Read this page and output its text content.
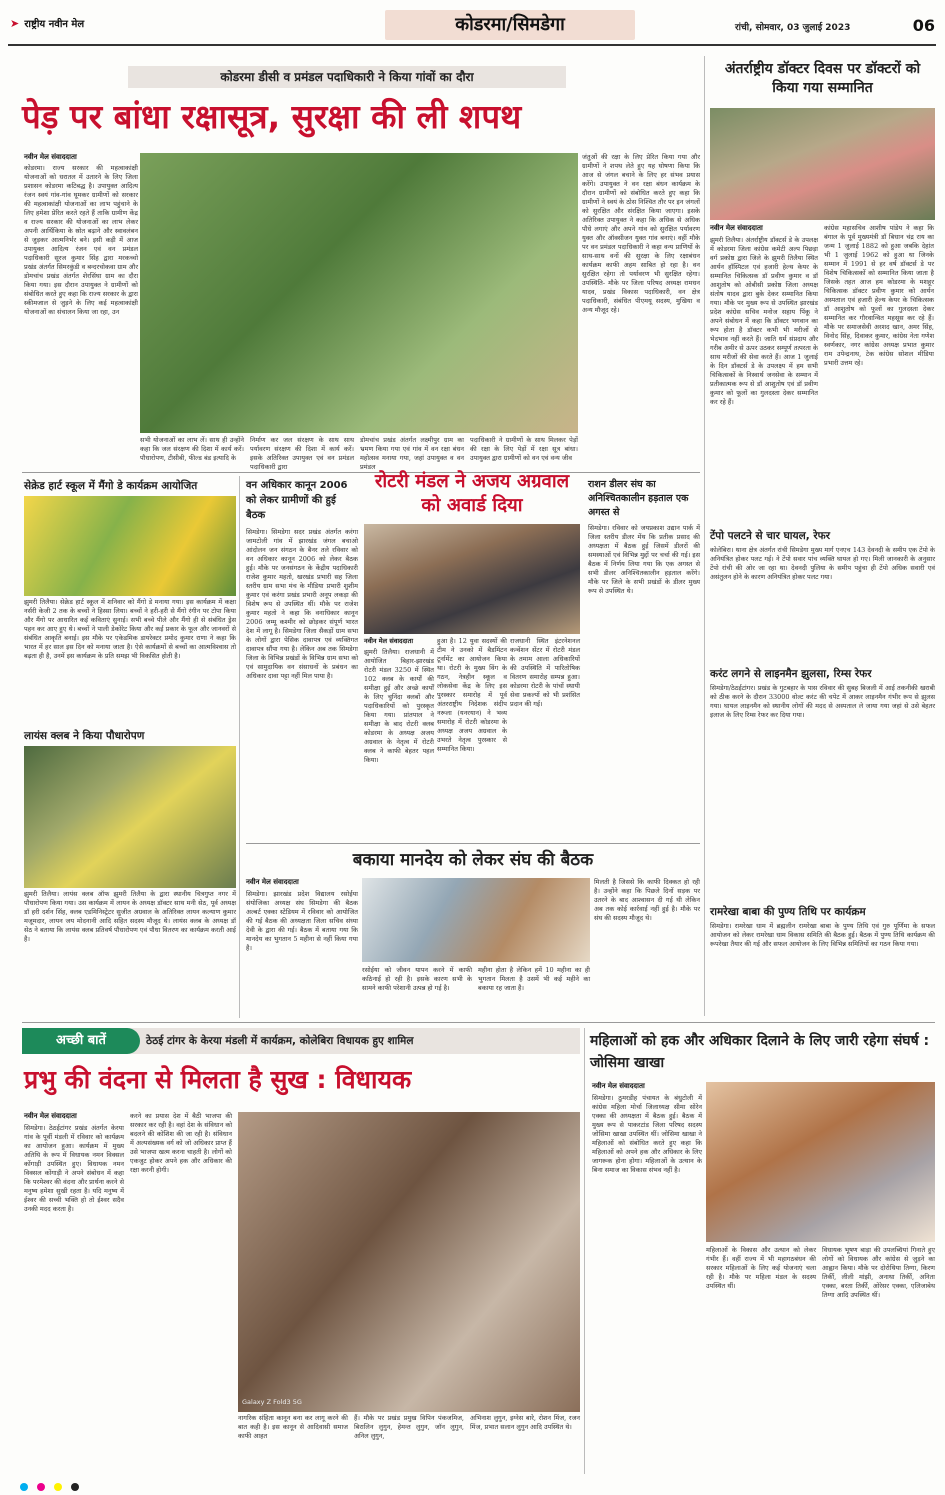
➤ राष्ट्रीय नवीन मेल	कोडरमा/सिमडेगा	रांची, सोमवार, 03 जुलाई 2023	06
कोडरमा डीसी व प्रमंडल पदाधिकारी ने किया गांवों का दौरा
पेड़ पर बांधा रक्षासूत्र, सुरक्षा की ली शपथ
नवीन मेल संवाददाता
कोडरमा। राज्य सरकार की महत्वाकांक्षी योजनाओं को धरातल में उतारने के लिए जिला प्रशासन कोडरमा कटिबद्ध है। उपायुक्त आदित्य रंजन स्वयं गांव-गांव घूमकर ग्रामीणों को सरकार की महत्वाकांक्षी योजनाओं का लाभ पहुंचाने के लिए हमेशा प्रेरित करते रहते हैं ताकि ग्रामीण केंद्र व राज्य सरकार की योजनाओं का लाभ लेकर अपनी आर्थिकिया के स्रोत बढ़ाने और स्वावलंबन से जुड़कर आत्मनिर्भर बने। इसी कड़ी में आज उपायुक्त आदित्य रंजन एवं वन प्रमंडल पदाधिकारी सूरज कुमार सिंह द्वारा मरकच्चो प्रखंड अंतर्गत सिमरकुंडी व बन्दरचोकवा ग्राम और डोमचांच प्रखंड अंतर्गत शेरसिंघा ग्राम का दौरा किया गया। इस दौरान उपायुक्त ने ग्रामीणों को संबोधित करते हुए कहा कि राज्य सरकार के द्वारा स्कीमजाल से जुड़ने के लिए कई महत्वाकांक्षी योजनाओं का संचालन किया जा रहा, उन
जंतुओं की रक्षा के लिए प्रेरित किया गया और ग्रामीणों ने शपथ लेते हुए यह घोषणा किया कि आज से जंगल बचाने के लिए हर संभव प्रयास करेंगे। उपायुक्त ने वन रक्षा बंधन कार्यक्रम के दौरान ग्रामीणों को संबोधित करते हुए कहा कि ग्रामीणों ने स्वयं के ठोस निश्चित तौर पर इन जंगलों को सुरक्षित और संरक्षित किया जाएगा। इसके अतिरिक्त उपायुक्त ने कहा कि अधिक से अधिक पौधे लगाएं और अपने गांव को सुरक्षित पर्यावरण युक्त और ऑक्सीजन युक्त गांव बनाएं। वहीं मौके पर वन प्रमंडल पदाधिकारी ने कहा वन्य प्राणियों के साथ-साथ वनों की सुरक्षा के लिए रक्षाबंधन कार्यक्रम काफी अहम साबित हो रहा है। वन सुरक्षित रहेगा तो पर्यावरण भी सुरक्षित रहेगा। उपस्थिति- मौके पर जिला परिषद अध्यक्ष रामधन यादव, प्रखंड विकास पदाधिकारी, वन क्षेत्र पदाधिकारी, संबंधित पीएमयू सदस्य, मुखिया व अन्य मौजूद रहे।
सभी योजनाओं का लाभ लें। साथ ही उन्होंने कहा कि जल संरक्षण की दिशा में कार्य करें। पौधारोपण, टीसीबी, फील्ड बंड इत्यादि के
निर्माण कर जल संरक्षण के साथ साथ पर्यावरण संरक्षण की दिशा में कार्य करें। इसके अतिरिक्त उपायुक्त एवं वन प्रमंडल पदाधिकारी द्वारा
डोमचांच प्रखंड अंतर्गत लक्ष्मीपुर ग्राम का भ्रमण किया गया एवं गांव में वन रक्षा बंधन महोत्सव मनाया गया, जहां उपायुक्त व वन प्रमंडल
पदाधिकारी ने ग्रामीणों के साथ मिलकर पेड़ों की रक्षा के लिए पेड़ों में रक्षा सूत्र बांधा। उपायुक्त द्वारा ग्रामीणों को वन एवं वन्य जीव
अंतर्राष्ट्रीय डॉक्टर दिवस पर डॉक्टरों को किया गया सम्मानित
नवीन मेल संवाददाता
झुमरी तिलैया। अंतर्राष्ट्रीय डॉक्टर्स डे के उपलक्ष में कोडरमा जिला कांग्रेस कमेटी अल्प पिछड़ा वर्ग प्रकोष्ठ द्वारा जिले के झुमरी तिलैया स्थित आर्यन हॉस्पिटल एवं हजारी हेल्थ केयर के सम्मानित चिकित्सक डॉ प्रवीण कुमार व डॉ आशुतोष को ओबीसी प्रकोष्ठ जिला अध्यक्ष संतोष यादव द्वारा बुके देकर सम्मानित किया गया। मौके पर मुख्य रूप से उपस्थित झारखंड प्रदेश कांग्रेस सचिव मनोज सहाय पिंकू ने अपने संबोधन में कहा कि डॉक्टर भगवान का रूप होता है डॉक्टर कभी भी मरीजों से भेदभाव नहीं करते हैं। जाति धर्म संप्रदाय और गरीब अमीर से ऊपर उठकर सम्पूर्ण तत्परता के साथ मरीजों की सेवा करते हैं। आज 1 जुलाई के दिन डॉक्टर्स डे के उपलक्ष्य में हम सभी चिकित्सकों के निस्वार्थ जनसेवा के सम्मान में प्रतीकात्मक रूप से डॉ आशुतोष एवं डॉ प्रवीण कुमार को फूलों का गुलदस्ता देकर सम्मानित कर रहे हैं।
कांग्रेस महासचिव आशीष पांडेय ने कहा कि बंगाल के पूर्व मुख्यमंत्री डॉ बिधान चंद्र राय का जन्म 1 जुलाई 1882 को हुआ जबकि देहांत भी 1 जुलाई 1962 को हुआ था जिनके सम्मान में 1991 से हर वर्ष डॉक्टर्स डे पर विशेष चिकित्सकों को सम्मानित किया जाता है जिसके तहत आज हम कोडरमा के मशहूर चिकित्सक डॉक्टर प्रवीण कुमार को आर्यन अस्पताल एवं हजारी हेल्थ केयर के चिकित्सक डॉ आशुतोष को फूलों का गुलदस्ता देकर सम्मानित कर गौरवान्वित महसूस कर रहे हैं। मौके पर समाजसेवी अरशद खान, अमर सिंह, विनोद सिंह, दिवाकर कुमार, कांग्रेस नेता गणेश स्वर्णकार, नगर कांग्रेस अध्यक्ष प्रभात कुमार राम उपेन्द्रनाथ, टेक कांग्रेस सोशल मीडिया प्रभारी उत्तम रहे।
सेक्रेड हार्ट स्कूल में मैंगो डे कार्यक्रम आयोजित
झुमरी तिलैया। सेक्रेड हार्ट स्कूल में शनिवार को मैंगो डे मनाया गया। इस कार्यक्रम में कक्षा नर्सरी केजी 2 तक के बच्चों ने हिस्सा लिया। बच्चों ने हरी-हरी से मैंगो रंगीन पर टोपा किया और मैंगो पर आधारित कई कविताएं सुनाई। सभी बच्चे पीले और मैंगो ही से संबंधित ड्रेस पहन कर आए हुए थे। बच्चों ने पाली डेकोरेट किया और कई प्रकार के फूल और जानवरों से संबंधित आकृति बनाई। इस मौके पर एकेडमिक डायरेक्टर प्रमोद कुमार राणा ने कहा कि भारत में हर साल इस दिन को मनाया जाता है। ऐसे कार्यक्रमों से बच्चों का आत्मविश्वास तो बढ़ता ही है, उनमें इस कार्यक्रम के प्रति समझ भी विकसित होती है।
लायंस क्लब ने किया पौधारोपण
झुमरी तिलैया। लायंस क्लब ऑफ झुमरी तिलैया के द्वारा स्थानीय चित्रगुप्त नगर में पौधारोपण किया गया। उस कार्यक्रम में लायन के अध्यक्ष डॉक्टर साथ मनी सेठ, पूर्व अध्यक्ष डॉ हरी दर्शन सिंह, क्लब एडमिनिस्ट्रेटर सुजीत अग्रवाल के अतिरिक्त लायन कल्याण कुमार मजूमदार, लायन जय मोदनानी आदि सहित सदस्य मौजूद थे। लायंस क्लब के अध्यक्ष डॉ सेठ ने बताया कि लायंस क्लब प्रतिवर्ष पौधारोपण एवं पौधा वितरण का कार्यक्रम करती आई है।
वन अधिकार कानून 2006 को लेकर ग्रामीणों की हुई बैठक
सिमडेगा। सिमडेगा सदर प्रखंड अंतर्गत करंगा जामटोली गांव में झारखंड जंगल बचाओ आंदोलन जन संगठन के बैनर तले रविवार को वन अधिकार कानून 2006 को लेकर बैठक हुई। मौके पर जनसंगठन के केंद्रीय पदाधिकारी राजेश कुमार महतो, खरखंड प्रभारी सह जिला स्तरीय ग्राम सभा मंच के मीडिया प्रभारी शुशीम कुमार एवं करंगा प्रखंड प्रभारी अनूप लकड़ा की विशेष रूप से उपस्थित थीं। मौके पर राजेश कुमार महतो ने कहा कि वनाधिकार कानून 2006 जम्मू कश्मीर को छोड़कर संपूर्ण भारत देश में लागू है। सिमडेगा जिला सैकड़ों ग्राम सभा के लोगों द्वारा पेसिक दावापत्र एवं व्यक्तिगत दावापत्र सौंपा गया है। लेकिन अब तक सिमडेगा जिला के विभिन्न प्रखंडों के विभिन्न ग्राम सभा को एवं सामुदायिक वन संसाधनों के प्रबंधन का अधिकार दावा पट्टा नहीं मिल पाया है।
रोटरी मंडल ने अजय अग्रवाल को अवार्ड दिया
नवीन मेल संवाददाता
झुमरी तिलैया। राजधानी में आयोजित बिहार-झारखंड रोटरी मंडल 3250 में स्थित 102 क्लब के कार्यों की समीक्षा हुई और अच्छे कार्यों के लिए चुनिंदा क्लबों और पदाधिकारियों को पुरस्कृत किया गया। प्रांतपाल ने समीक्षा के बाद रोटरी क्लब कोडरमा के अध्यक्ष अजय अग्रवाल के नेतृत्व में रोटरी क्लब ने काफी बेहतर पहल किया।
हुआ है। 12 युवा सदस्यों की टीम ने उनको में बैडमिंटन टूर्नामेंट का आयोजन किया था। रोटरी के मुख्य विंग के गठन, नेत्रहीन स्कूल व लोकसेवा केंद्र के लिए इस पुरस्कार समारोह में पूर्व अंतरराष्ट्रीय निदेशक संदीप नरूला (यनरयान) ने भव्य समारोह में रोटरी कोडरमा के अध्यक्ष अजय अग्रवाल के उभरते नेतृत्व पुरस्कार से सम्मानित किया।
राजधानी स्थित इंटरनेशनल कन्वेंशन सेंटर में रोटरी मंडल के तमाम आला अधिकारियों की उपस्थिति में पारितोषिक वितरण समारोह सम्पन्न हुआ। कोडरमा रोटरी के पांचों स्थायी सेवा प्रकल्पों को भी प्रशंसित प्रदान की गई।
राशन डीलर संघ का अनिश्चितकालीन हड़ताल एक अगस्त से
सिमडेगा। रविवार को जयप्रकाश उद्यान पार्क में जिला स्तरीय डीलर मेंथ कि प्रतीक प्रसाद की अध्यक्षता में बैठक हुई जिसमें डीलरों की समस्याओं एवं विभिन्न मुद्दों पर चर्चा की गई। इस बैठक में निर्णय लिया गया कि एक अगस्त से सभी डीलर अनिश्चितकालीन हड़ताल करेंगे। मौके पर जिले के सभी प्रखंडों के डीलर मुख्य रूप से उपस्थित थे।
टेंपो पलटने से चार घायल, रेफर
कोलेबिरा। थाना क्षेत्र अंतर्गत रांची सिमडेगा मुख्य मार्ग एनएच 143 देवनदी के समीप एक टेंपो के अनियंत्रित होकर पलट गई। ने टेंपो सवार पांच व्यक्ति घायल हो गए। मिली जानकारी के अनुसार टेंपो रांची की ओर जा रहा था। देवनदी पुलिया के समीप पहुंचा ही टेंपो अधिक सवारी एवं असंतुलन होने के कारण अनियंत्रित होकर पलट गया।
करंट लगने से लाइनमैन झुलसा, रिम्स रेफर
सिमडेगा/ठेठईटांगर। प्रखंड के गुटबहार के पास रविवार की सुबह बिजली में आई तकनीकी खराबी को ठीक करने के दौरान 33000 वोल्ट करंट की चपेट में आकर लाइनमैन गंभीर रूप से झुलस गया। घायल लाइनमैन को स्थानीय लोगों की मदद से अस्पताल ले जाया गया जहां से उसे बेहतर इलाज के लिए रिम्स रेफर कर दिया गया।
रामरेखा बाबा की पुण्य तिथि पर कार्यक्रम
सिमडेगा। रामरेखा धाम में ब्रह्मलीन रामरेखा बाबा के पुण्य तिथि एवं गुरु पूर्णिमा के सफल आयोजन को लेकर रामरेखा धाम विकास समिति की बैठक हुई। बैठक में पुण्य तिथि कार्यक्रम की रूपरेखा तैयार की गई और सफल आयोजन के लिए विभिन्न समितियों का गठन किया गया।
बकाया मानदेय को लेकर संघ की बैठक
नवीन मेल संवाददाता
सिमडेगा। झारखंड प्रदेश विद्यालय रसोईया संयोजिका अध्यक्ष संघ सिमडेगा की बैठक अल्बर्ट एक्का स्टेडियम में रविवार को आयोजित की गई बैठक की अध्यक्षता जिला सचिव संध्या देवी के द्वारा की गई। बैठक में बताया गया कि मानदेय का भुगतान 5 महीना से नहीं किया गया है।
रसोईया को जीवन यापन करने में काफी कठिनाई हो रही है। इसके कारण सभी के सामने काफी परेशानी उत्पन्न हो गई है।
महीना होता है लेकिन हमें 10 महीना का ही भुगतान मिलता है उसमें भी कई महीने का बकाया रह जाता है।
मिलती है जिससे कि काफी दिक्कत हो रही है। उन्होंने कहा कि पिछले दिनों सड़क पर उतरने के बाद आश्वासन दी गई थी लेकिन अब तक कोई कार्रवाई नहीं हुई है। मौके पर संघ की सदस्य मौजूद थे।
अच्छी बातें	ठेठई टांगर के केरया मंडली में कार्यक्रम, कोलेबिरा विधायक हुए शामिल
प्रभु की वंदना से मिलता है सुख : विधायक
नवीन मेल संवाददाता
सिमडेगा। ठेठईटांगर प्रखंड अंतर्गत केरया गांव के पूर्वी मंडली में रविवार को कार्यक्रम का आयोजन हुआ। कार्यक्रम में मुख्य अतिथि के रूप में विधायक नमन विक्सल कोंगाड़ी उपस्थित हुए। विधायक नमन विक्सल कोंगाड़ी ने अपने संबोधन में कहा कि परमेश्वर की वंदना और प्रार्थना करने से मनुष्य हमेशा सुखी रहता है। यदि मनुष्य में ईश्वर की सच्ची भक्ति हो तो ईश्वर सदैव उनकी मदद करता है।
करने का प्रयास देश में बैठी भाजपा की सरकार कर रही है। वहां देश के संविधान को बदलने की कोशिश की जा रही है। संविधान में अल्पसंख्यक वर्ग को जो अधिकार प्राप्त हैं उसे भाजपा खत्म करना चाहती है। लोगों को एकजुट होकर अपने हक और अधिकार की रक्षा करनी होगी।
Galaxy Z Fold3 5G
नागरिक संहिता कानून बना कर लागू करने की बात कही है। इस कानून से आदिवासी समाज काफी आहत
हैं। मौके पर प्रखंड प्रमुख विपिन पंकजमिज, बिरालिन लुगुन, हेमन्त लुगुन, जॉन लुगुन, अनिल लुगुन,
अभिनाश लुगुन, इग्नेस बारे, रोशन मिंज, रजन मिंज, प्रभात सलान लुगुन आदि उपस्थित थे।
महिलाओं को हक और अधिकार दिलाने के लिए जारी रहेगा संघर्ष : जोसिमा खाखा
नवीन मेल संवाददाता
सिमडेगा। ठुमरडीह पंचायत के बंधुटोली में कांग्रेस महिला मोर्चा जिलाध्यक्ष सीमा सोरेन एक्का की अध्यक्षता में बैठक हुई। बैठक में मुख्य रूप से पाकरटांड जिला परिषद सदस्य जोसिमा खाखा उपस्थित थीं। जोसिमा खाखा ने महिलाओं को संबोधित करते हुए कहा कि महिलाओं को अपने हक और अधिकार के लिए जागरूक होना होगा। महिलाओं के उत्थान के बिना समाज का विकास संभव नहीं है।
महिलाओं के विकास और उत्थान को लेकर गंभीर हैं। वहीं राज्य में भी महागठबंधन की सरकार महिलाओं के लिए कई योजनाएं चला रही है। मौके पर महिला मंडल के सदस्य उपस्थित थीं।
विधायक भूषण बाड़ा की उपलब्धियां गिनाते हुए लोगों को विधायक और कांग्रेस से जुड़ने का आह्वान किया। मौके पर दोरोथिया तिग्गा, किरण तिर्की, लीली मांझी, अनाथा तिर्की, अनिता एक्का, बरता तिर्की, ओरेसर एक्का, एलिजाबेथ तिग्गा आदि उपस्थित थीं।
